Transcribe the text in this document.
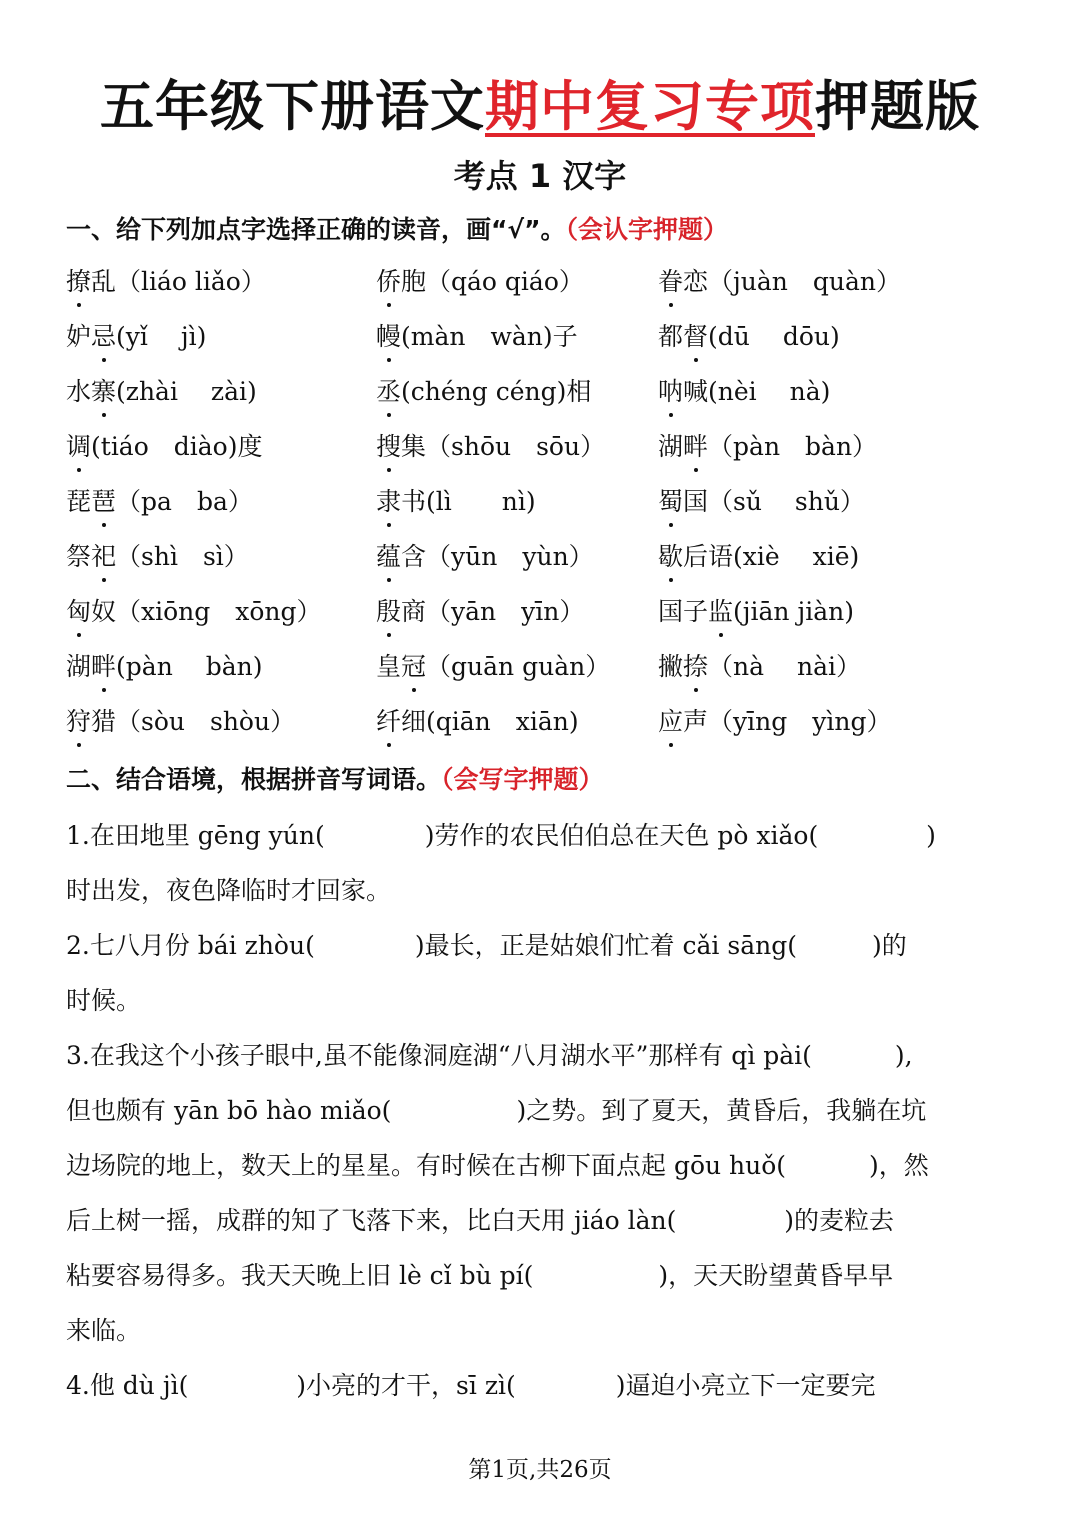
五年级下册语文期中复习专项押题版
考点 1 汉字
一、给下列加点字选择正确的读音，画“√”。（会认字押题）
撩乱（liáo liǎo）	侨胞（qáo qiáo）	眷恋（juàn　quàn）
妒忌(yǐ　 jì)	幔(màn　wàn)子	都督(dū　 dōu)
水寨(zhài　 zài)	丞(chéng céng)相	呐喊(nèi　 nà)
调(tiáo　diào)度	搜集（shōu　sōu） 湖畔（pàn　bàn）
琵琶（pa　ba）	隶书(lì　　nì)	蜀国（sǔ　 shǔ）
祭祀（shì　sì）	蕴含（yūn　yùn）	歇后语(xiè　 xiē)
匈奴（xiōng　xōng） 殷商（yān　yīn）	国子监(jiān jiàn)
湖畔(pàn　 bàn)	皇冠（guān guàn） 撇捺（nà　 nài）
狩猎（sòu　shòu）	纤细(qiān　xiān)	应声（yīng　yìng）
二、结合语境，根据拼音写词语。（会写字押题）
1.在田地里 gēng yún(　　　　)劳作的农民伯伯总在天色 pò xiǎo(　　　　 )
时出发，夜色降临时才回家。
2.七八月份 bái zhòu(　　　　)最长，正是姑娘们忙着 cǎi sāng(　　　)的
时候。
3.在我这个小孩子眼中,虽不能像洞庭湖“八月湖水平”那样有 qì pài(　　　 ),
但也颇有 yān bō hào miǎo(　　　　　)之势。到了夏天，黄昏后，我躺在坑
边场院的地上，数天上的星星。有时候在古柳下面点起 gōu huǒ(　　　 )，然
后上树一摇，成群的知了飞落下来，比白天用 jiáo làn(　　　　 )的麦粒去
粘要容易得多。我天天晚上旧 lè cǐ bù pí(　　　　　)，天天盼望黄昏早早
来临。
4.他 dù jì(　　　　 )小亮的才干，sī zì(　　　　)逼迫小亮立下一定要完
第1页,共26页
